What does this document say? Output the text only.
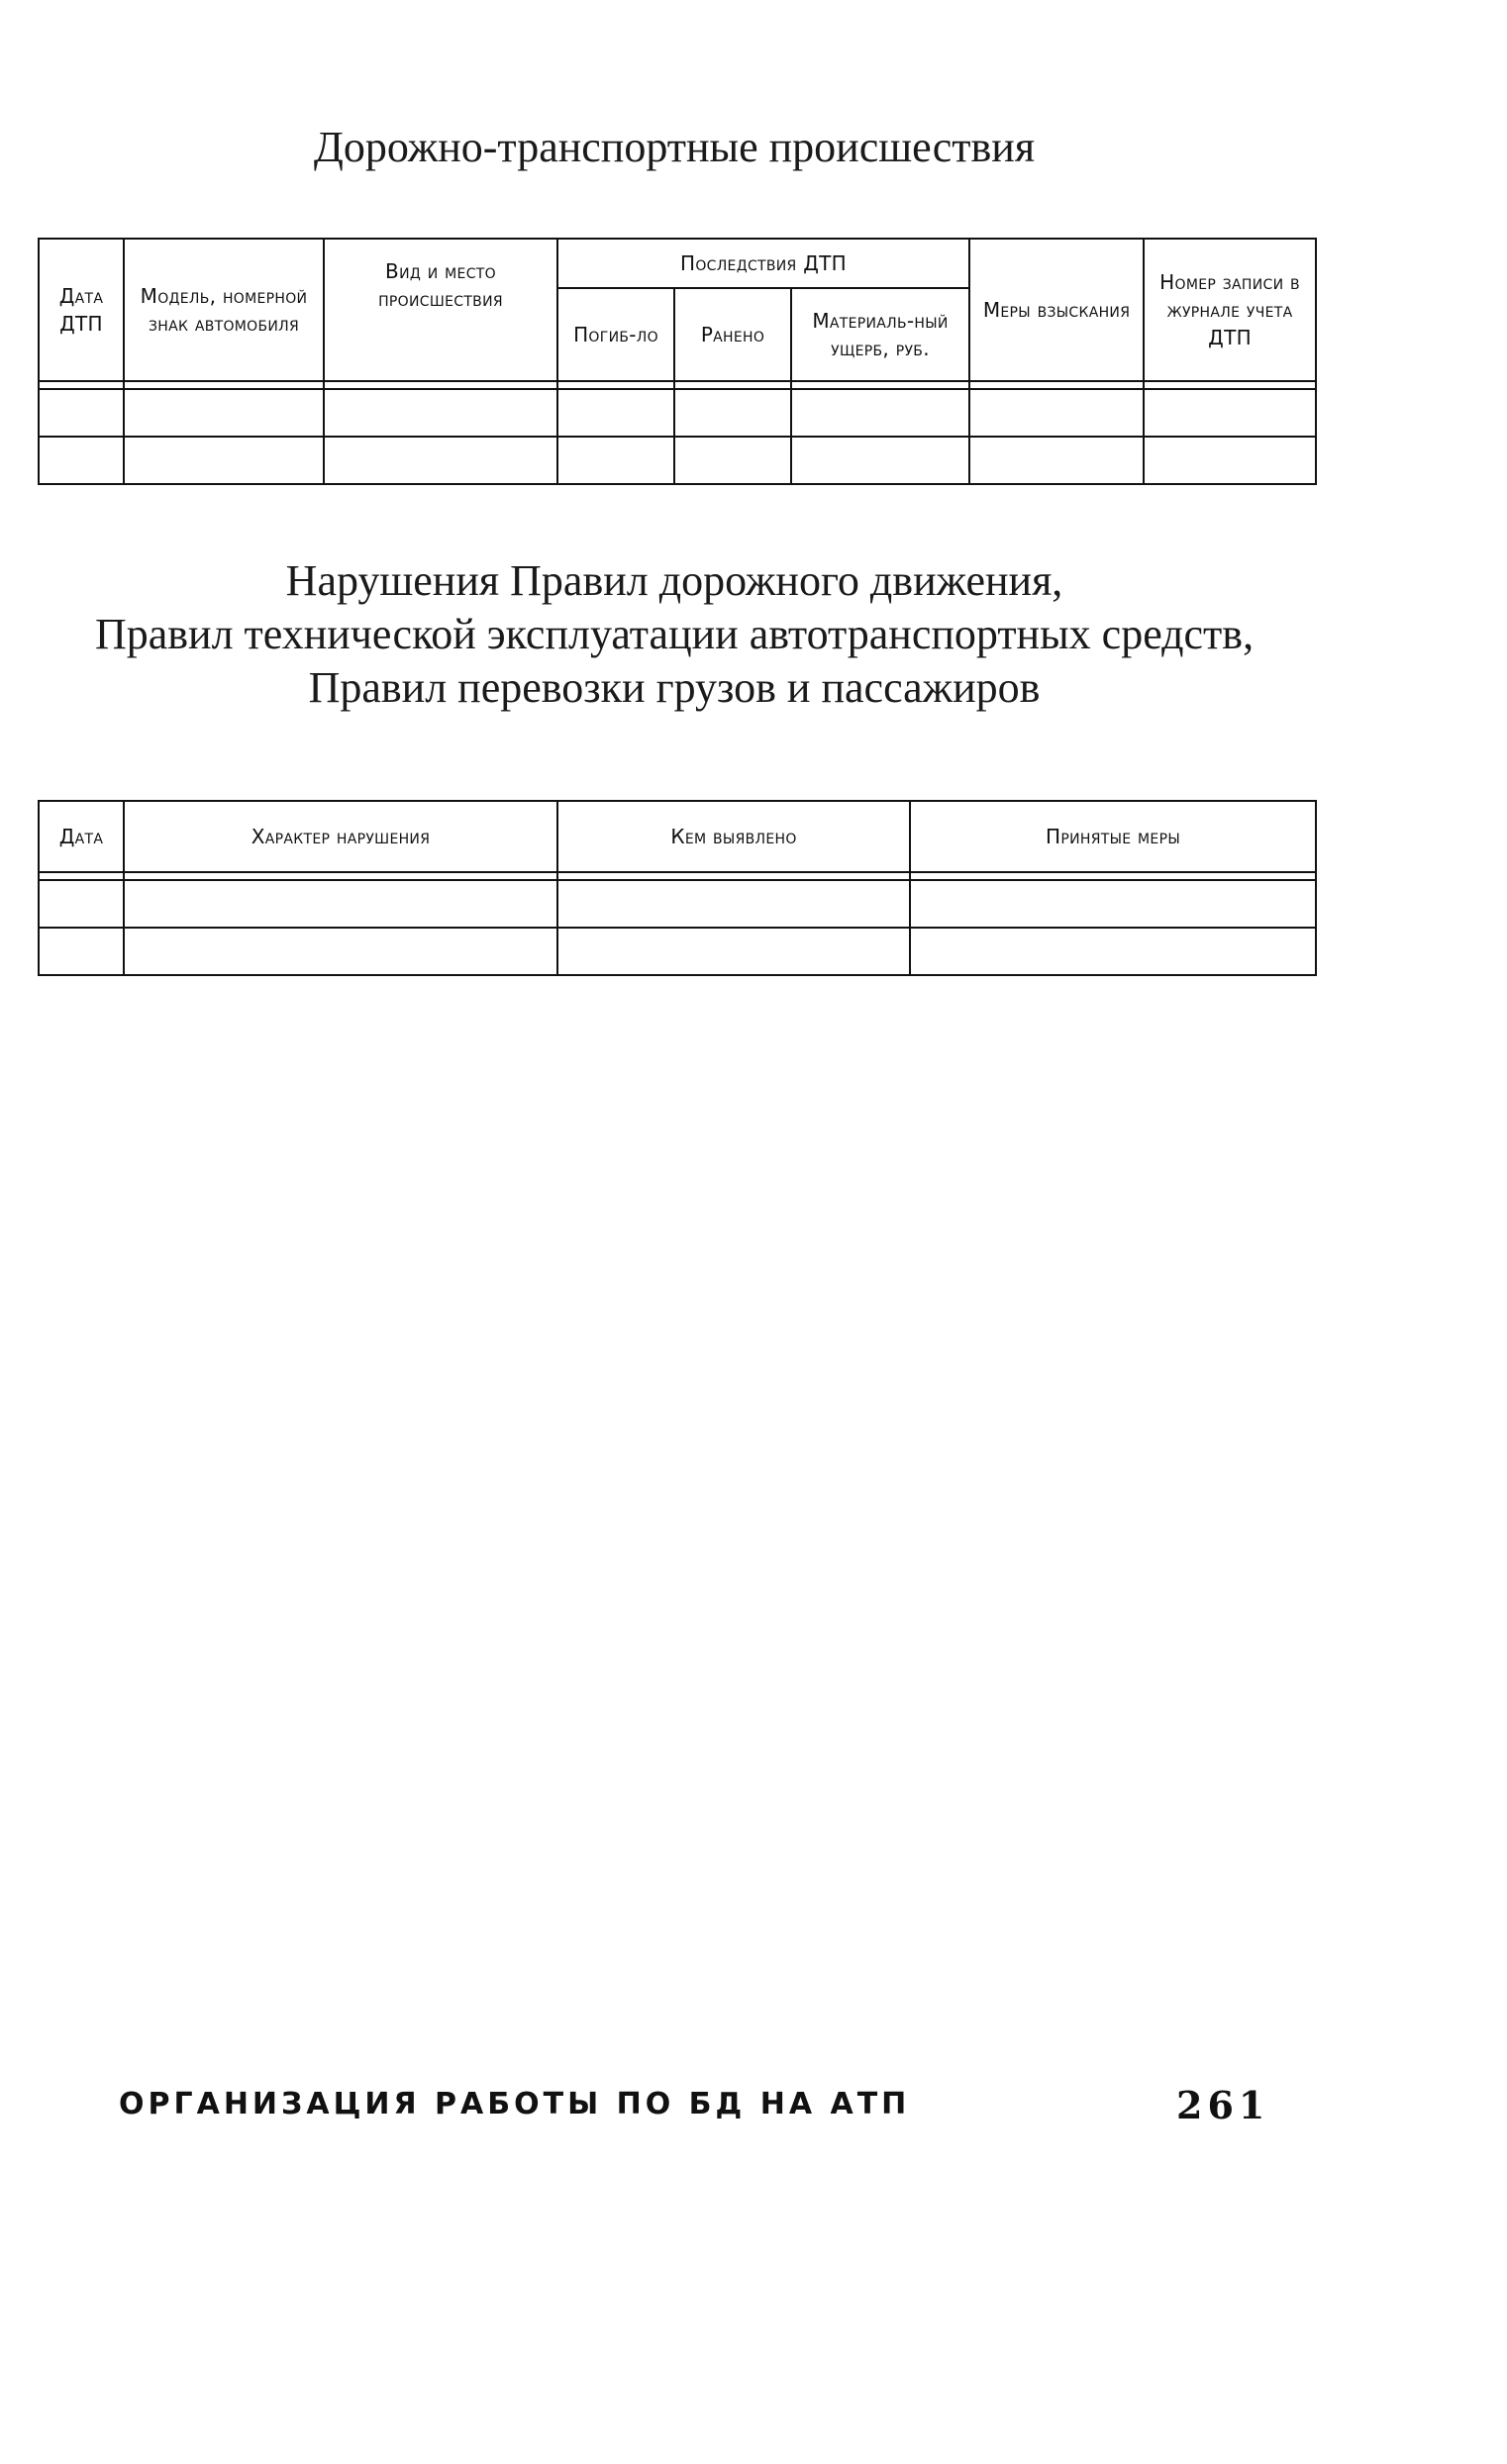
Дорожно-транспортные происшествия
Дата ДТП	Модель, номерной знак автомобиля	Вид и место происшествия	Последствия ДТП			Меры взыскания	Номер записи в журнале учета ДТП
			Погиб-ло	Ранено	Материаль-ный ущерб, руб.		

Нарушения Правил дорожного движения,
Правил технической эксплуатации автотранспортных средств,
Правил перевозки грузов и пассажиров
Дата	Характер нарушения	Кем выявлено	Принятые меры

ОРГАНИЗАЦИЯ РАБОТЫ ПО БД НА АТП	261
